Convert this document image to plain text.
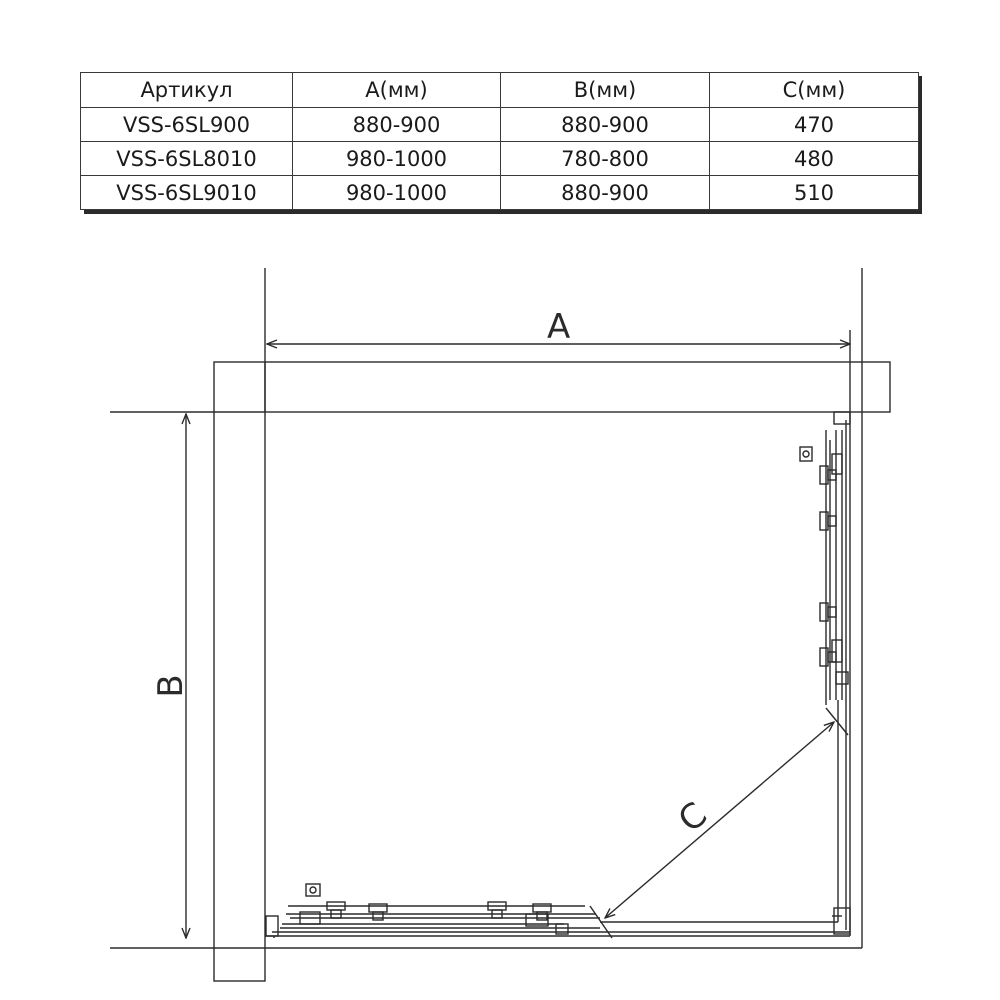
Артикул	A(мм)	B(мм)	C(мм)
VSS-6SL900	880-900	880-900	470
VSS-6SL8010	980-1000	780-800	480
VSS-6SL9010	980-1000	880-900	510
A
B
C
